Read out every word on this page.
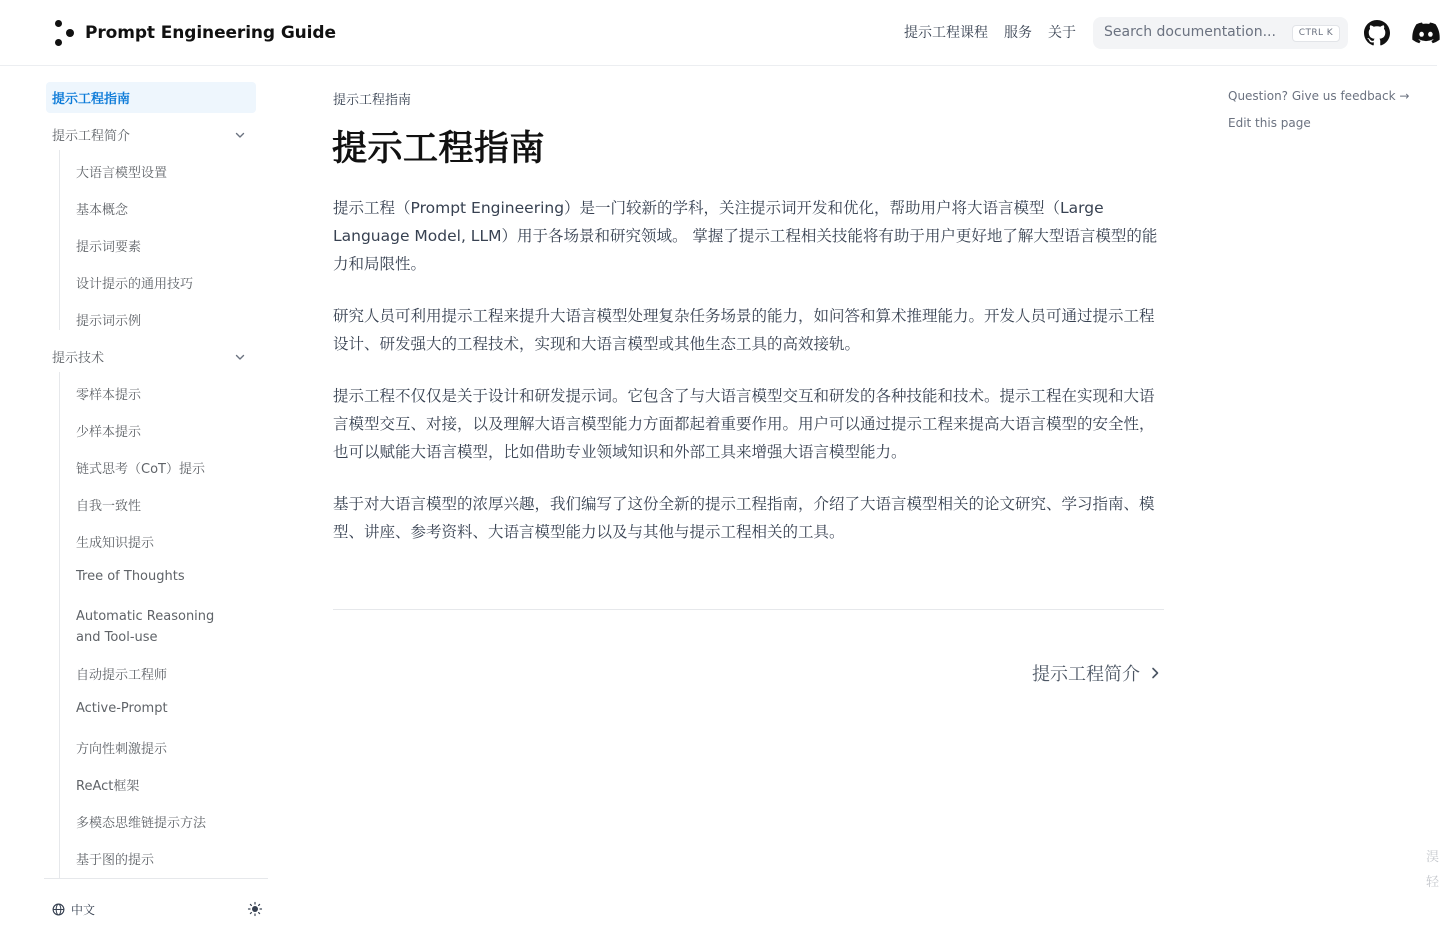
Prompt Engineering Guide	提示工程课程 服务 关于 Search documentation...	CTRL K
提示工程指南
提示工程简介
大语言模型设置
基本概念
提示词要素
设计提示的通用技巧
提示词示例
提示技术
零样本提示
少样本提示
链式思考（CoT）提示
自我一致性
生成知识提示
Tree of Thoughts
Automatic Reasoning and Tool-use
自动提示工程师
Active-Prompt
方向性刺激提示
ReAct框架
多模态思维链提示方法
基于图的提示
中文
提示工程指南
提示工程指南

提示工程（Prompt Engineering）是一门较新的学科，关注提示词开发和优化，帮助用户将大语言模型（Large Language Model, LLM）用于各场景和研究领域。 掌握了提示工程相关技能将有助于用户更好地了解大型语言模型的能力和局限性。

研究人员可利用提示工程来提升大语言模型处理复杂任务场景的能力，如问答和算术推理能力。开发人员可通过提示工程设计、研发强大的工程技术，实现和大语言模型或其他生态工具的高效接轨。

提示工程不仅仅是关于设计和研发提示词。它包含了与大语言模型交互和研发的各种技能和技术。提示工程在实现和大语言模型交互、对接，以及理解大语言模型能力方面都起着重要作用。用户可以通过提示工程来提高大语言模型的安全性，也可以赋能大语言模型，比如借助专业领域知识和外部工具来增强大语言模型能力。

基于对大语言模型的浓厚兴趣，我们编写了这份全新的提示工程指南，介绍了大语言模型相关的论文研究、学习指南、模型、讲座、参考资料、大语言模型能力以及与其他与提示工程相关的工具。

提示工程简介
Question? Give us feedback →
Edit this page
淏
轻
